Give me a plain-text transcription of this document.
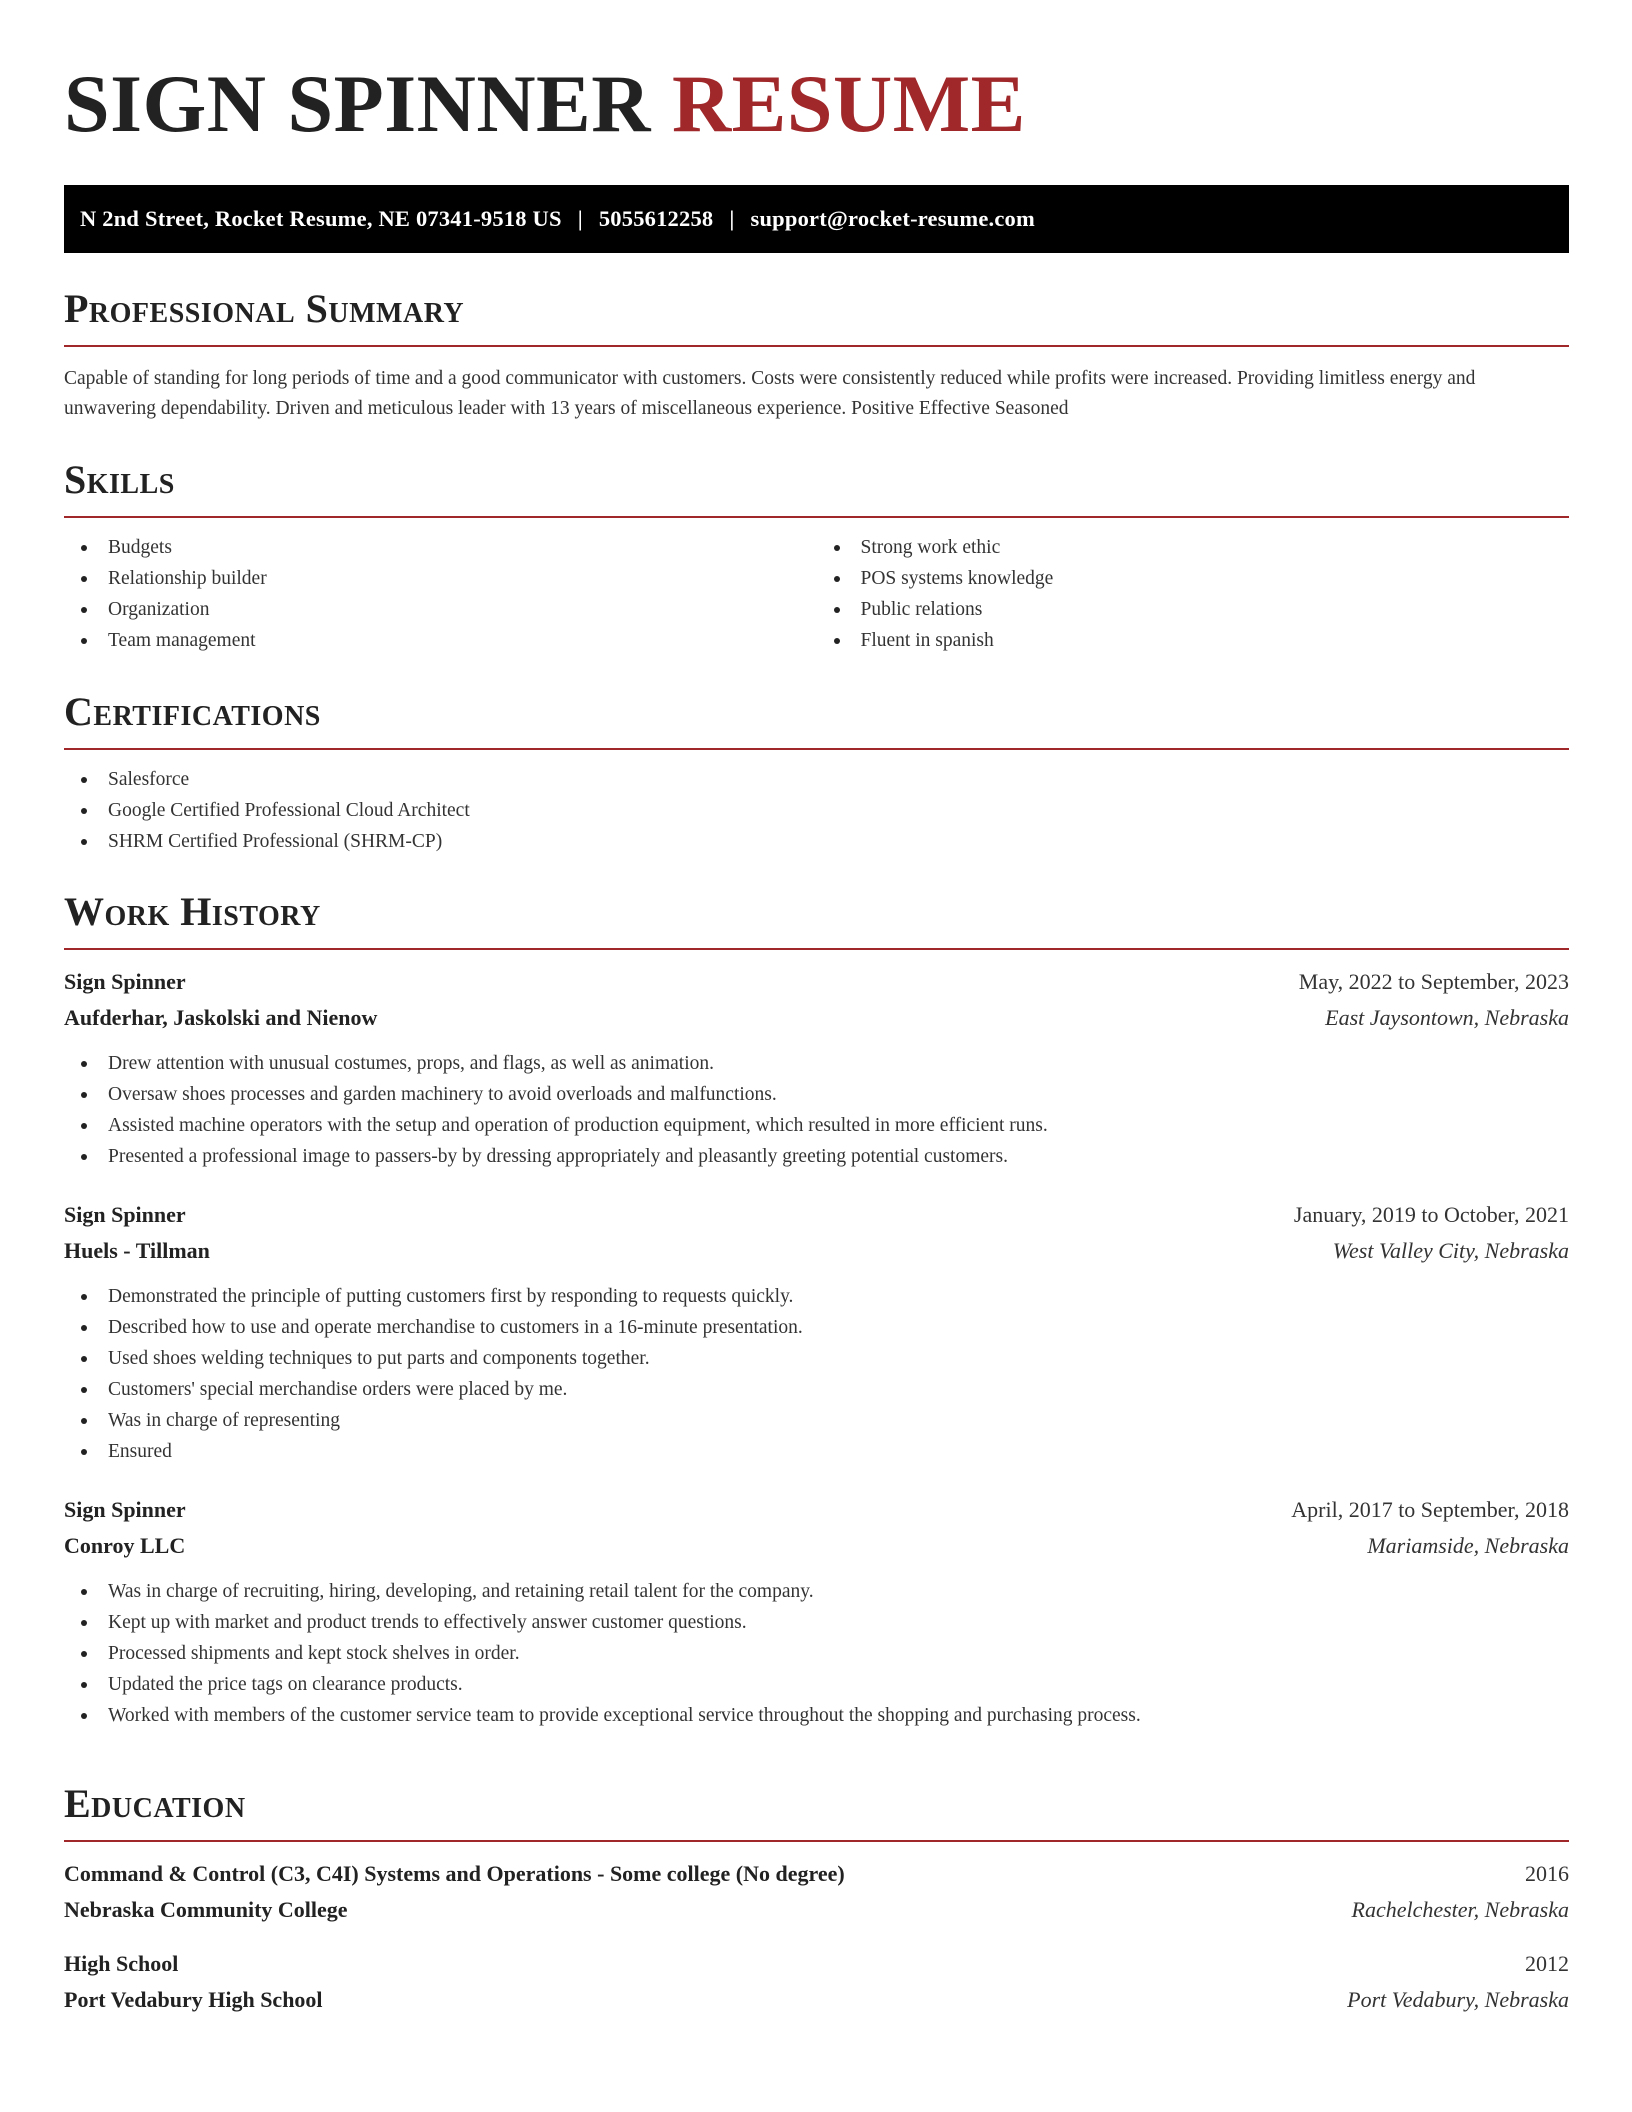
SIGN SPINNER RESUME
N 2nd Street, Rocket Resume, NE 07341-9518 US | 5055612258 | support@rocket-resume.com
Professional Summary

Capable of standing for long periods of time and a good communicator with customers. Costs were consistently reduced while profits were increased. Providing limitless energy and unwavering dependability. Driven and meticulous leader with 13 years of miscellaneous experience. Positive Effective Seasoned

Skills
Budgets
Relationship builder
Organization
Team management
Strong work ethic
POS systems knowledge
Public relations
Fluent in spanish
Certifications
Salesforce
Google Certified Professional Cloud Architect
SHRM Certified Professional (SHRM-CP)
Work History
Sign Spinner	May, 2022 to September, 2023
Aufderhar, Jaskolski and Nienow	East Jaysontown, Nebraska
Drew attention with unusual costumes, props, and flags, as well as animation.
Oversaw shoes processes and garden machinery to avoid overloads and malfunctions.
Assisted machine operators with the setup and operation of production equipment, which resulted in more efficient runs.
Presented a professional image to passers-by by dressing appropriately and pleasantly greeting potential customers.
Sign Spinner	January, 2019 to October, 2021
Huels - Tillman	West Valley City, Nebraska
Demonstrated the principle of putting customers first by responding to requests quickly.
Described how to use and operate merchandise to customers in a 16-minute presentation.
Used shoes welding techniques to put parts and components together.
Customers' special merchandise orders were placed by me.
Was in charge of representing
Ensured
Sign Spinner	April, 2017 to September, 2018
Conroy LLC	Mariamside, Nebraska
Was in charge of recruiting, hiring, developing, and retaining retail talent for the company.
Kept up with market and product trends to effectively answer customer questions.
Processed shipments and kept stock shelves in order.
Updated the price tags on clearance products.
Worked with members of the customer service team to provide exceptional service throughout the shopping and purchasing process.
Education
Command & Control (C3, C4I) Systems and Operations - Some college (No degree)	2016
Nebraska Community College	Rachelchester, Nebraska
High School	2012
Port Vedabury High School	Port Vedabury, Nebraska
